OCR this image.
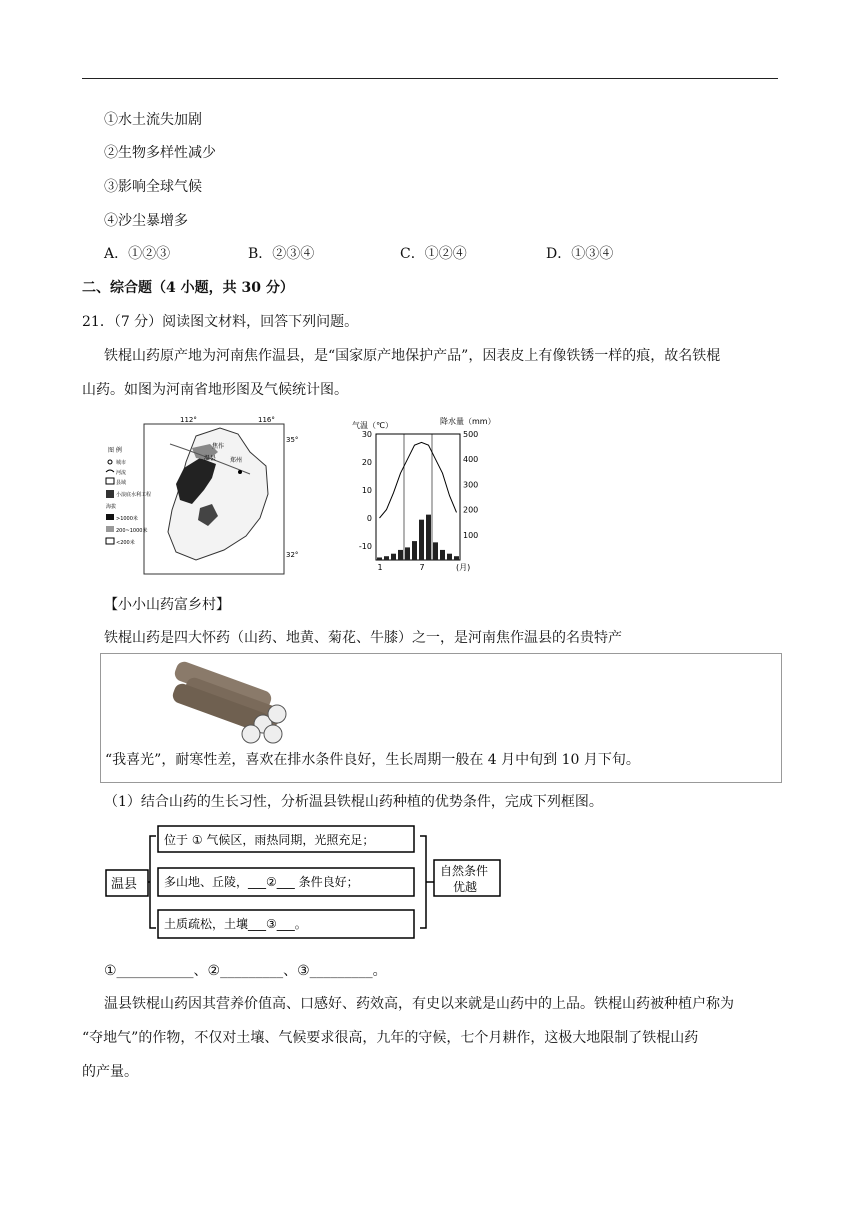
①水土流失加剧
②生物多样性减少
③影响全球气候
④沙尘暴增多
A．①②③	B．②③④	C．①②④	D．①③④
二、综合题（4 小题，共 30 分）
21．（7 分）阅读图文材料，回答下列问题。
铁棍山药原产地为河南焦作温县，是“国家原产地保护产品”，因表皮上有像铁锈一样的痕，故名铁棍
山药。如图为河南省地形图及气候统计图。
112°	116°
35°
32°
焦作
温县 郑州
图 例
城市
河流
县域
小浪底水利工程
海拔
>1000米
200~1000米
<200米
气温（℃）	降水量（mm）
30
20
10
0
-10
500
400
300
200
100
1	7	(月)
【小小山药富乡村】
铁棍山药是四大怀药（山药、地黄、菊花、牛膝）之一，是河南焦作温县的名贵特产
“我喜光”，耐寒性差，喜欢在排水条件良好，生长周期一般在 4 月中旬到 10 月下旬。
（1）结合山药的生长习性，分析温县铁棍山药种植的优势条件，完成下列框图。
温县
位于 ① 气候区，雨热同期，光照充足；
多山地、丘陵，___②___ 条件良好；
土质疏松，土壤___③___。
自然条件
优越
①___________、②_________、③_________。
温县铁棍山药因其营养价值高、口感好、药效高，有史以来就是山药中的上品。铁棍山药被种植户称为
“夺地气”的作物，不仅对土壤、气候要求很高，九年的守候，七个月耕作，这极大地限制了铁棍山药
的产量。
